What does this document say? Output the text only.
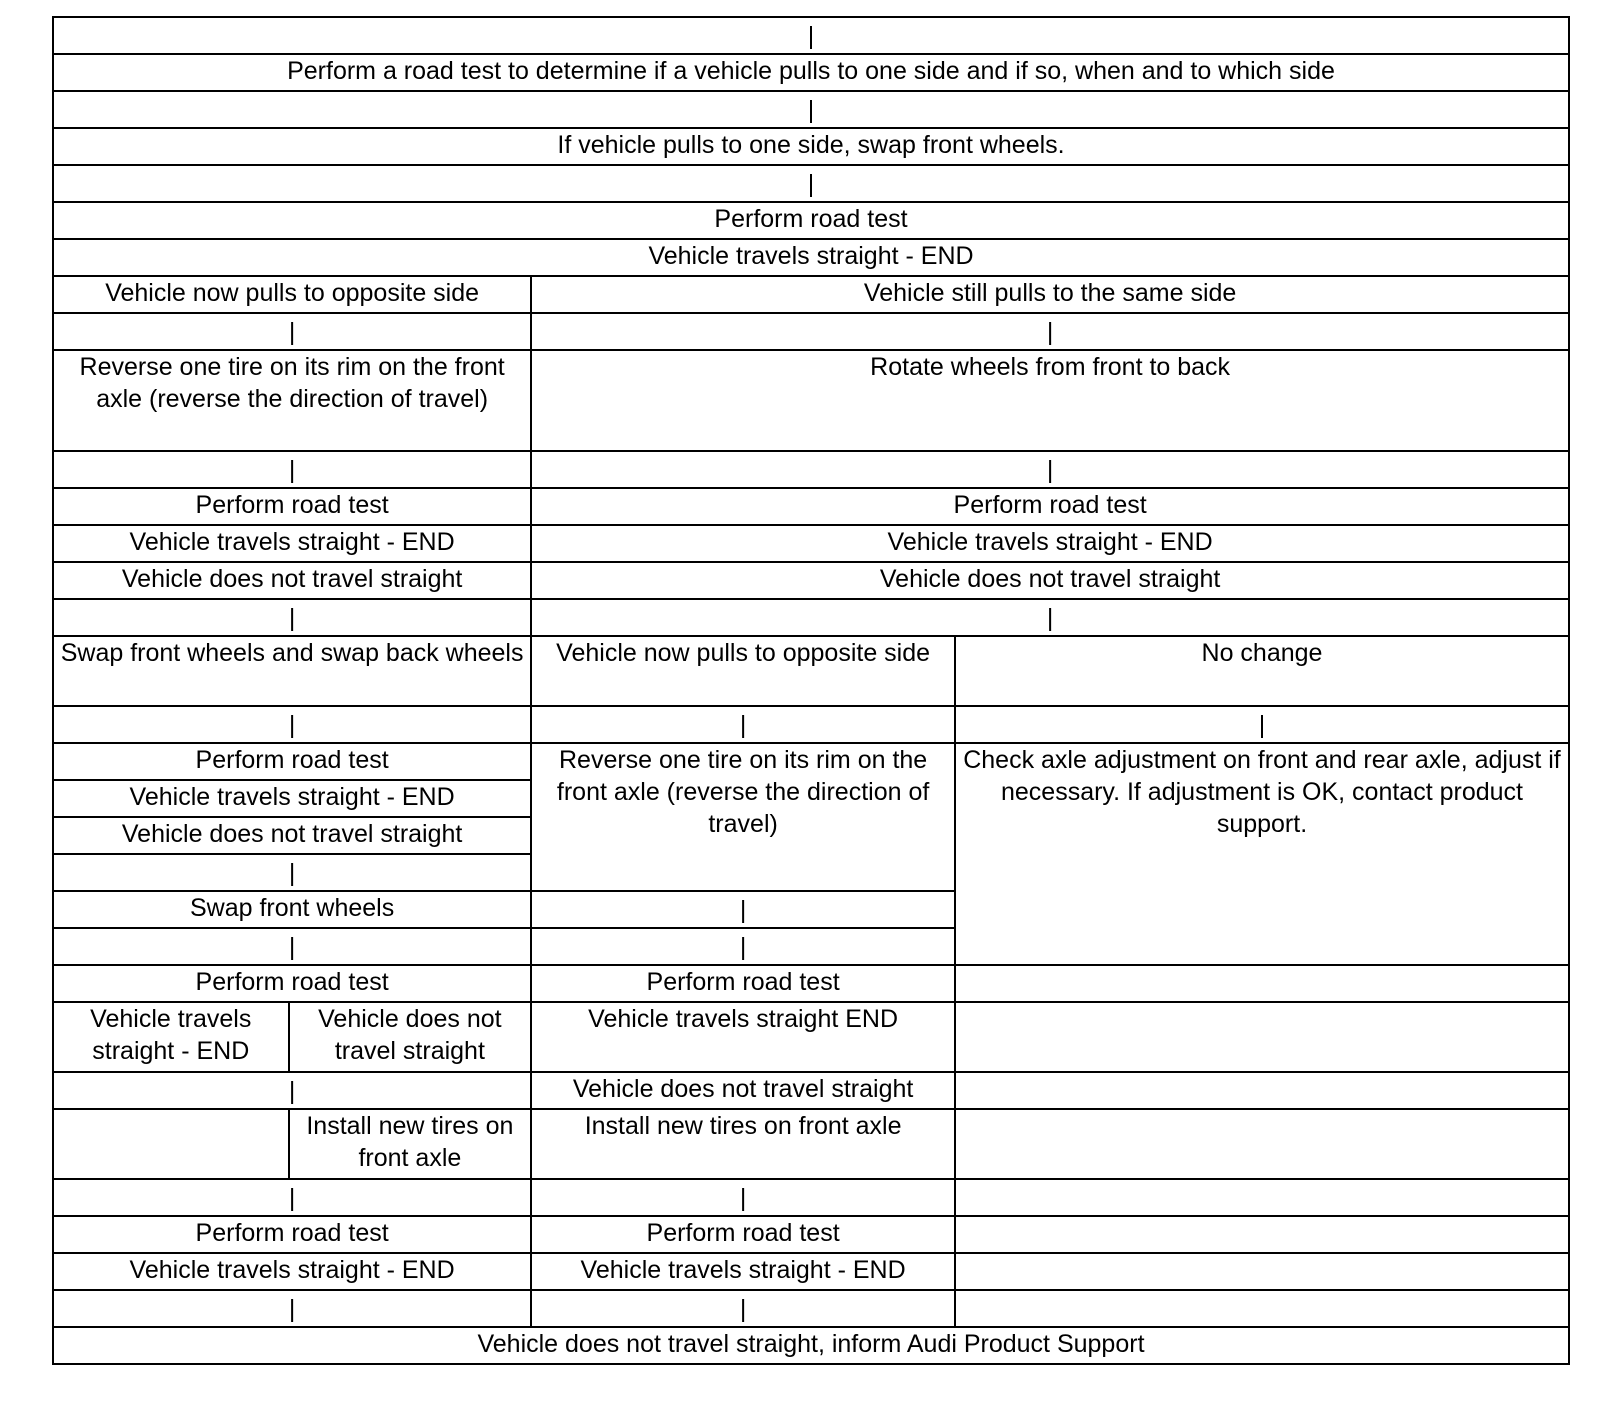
|			
Perform a road test to determine if a vehicle pulls to one side and if so, when and to which side			
|			
If vehicle pulls to one side, swap front wheels.			
|			
Perform road test			
Vehicle travels straight - END			
Vehicle now pulls to opposite side		Vehicle still pulls to the same side	
|		|	
Reverse one tire on its rim on the front axle (reverse the direction of travel)		Rotate wheels from front to back	
|		|	
Perform road test		Perform road test	
Vehicle travels straight - END		Vehicle travels straight - END	
Vehicle does not travel straight		Vehicle does not travel straight	
|		|	
Swap front wheels and swap back wheels		Vehicle now pulls to opposite side	No change
|		|	|
Perform road test		Reverse one tire on its rim on the front axle (reverse the direction of travel)	Check axle adjustment on front and rear axle, adjust if necessary. If adjustment is OK, contact product support.
Vehicle travels straight - END			
Vehicle does not travel straight			
|			
Swap front wheels		|	
|		|	
Perform road test		Perform road test	
Vehicle travels straight - END	Vehicle does not travel straight	Vehicle travels straight END	
|		Vehicle does not travel straight	
	Install new tires on front axle	Install new tires on front axle	
|		|	
Perform road test		Perform road test	
Vehicle travels straight - END		Vehicle travels straight - END	
|		|	
Vehicle does not travel straight, inform Audi Product Support			
